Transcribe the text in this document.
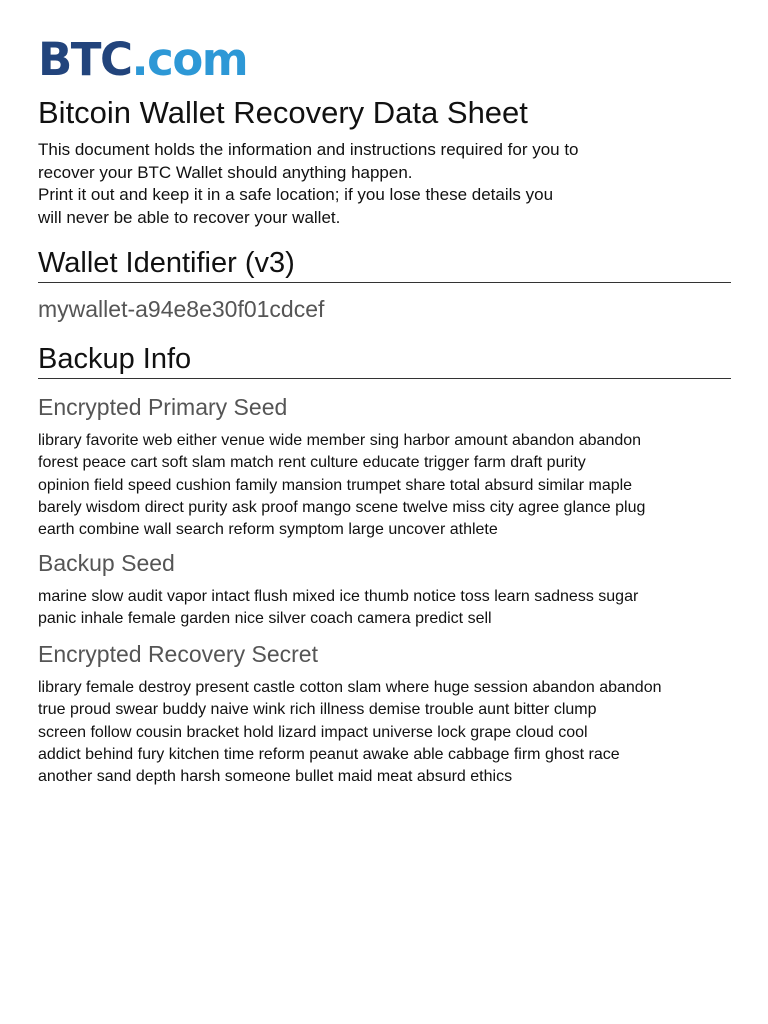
BTC.com
Bitcoin Wallet Recovery Data Sheet

This document holds the information and instructions required for you to

recover your BTC Wallet should anything happen.

Print it out and keep it in a safe location; if you lose these details you

will never be able to recover your wallet.

Wallet Identifier (v3)
mywallet-a94e8e30f01cdcef
Backup Info
Encrypted Primary Seed
library favorite web either venue wide member sing harbor amount abandon abandon
forest peace cart soft slam match rent culture educate trigger farm draft purity
opinion field speed cushion family mansion trumpet share total absurd similar maple
barely wisdom direct purity ask proof mango scene twelve miss city agree glance plug
earth combine wall search reform symptom large uncover athlete
Backup Seed
marine slow audit vapor intact flush mixed ice thumb notice toss learn sadness sugar
panic inhale female garden nice silver coach camera predict sell
Encrypted Recovery Secret
library female destroy present castle cotton slam where huge session abandon abandon
true proud swear buddy naive wink rich illness demise trouble aunt bitter clump
screen follow cousin bracket hold lizard impact universe lock grape cloud cool
addict behind fury kitchen time reform peanut awake able cabbage firm ghost race
another sand depth harsh someone bullet maid meat absurd ethics
